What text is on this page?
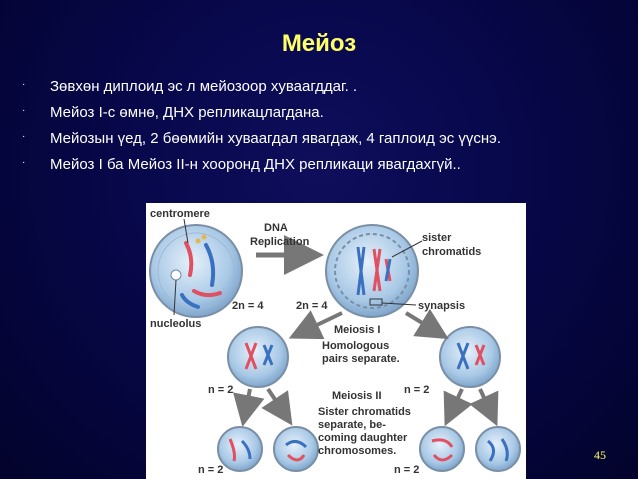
Мейоз
·	Зөвхөн диплоид эс л мейозоор хуваагддаг. .
·	Мейоз I-с өмнө, ДНХ репликацлагдана.
·	Мейозын үед, 2 бөөмийн хуваагдал явагдаж, 4 гаплоид эс үүснэ.
·	Мейоз I ба Мейоз II-н хооронд ДНХ репликаци явагдахгүй..
centromere
DNA
Replication	sister
chromatids
2n = 4	2n = 4	synapsis
nucleolus	Meiosis I
Homologous
pairs separate.
n = 2	n = 2
Meiosis II
Sister chromatids
separate, be-
coming daughter
chromosomes.
n = 2	n = 2
45
